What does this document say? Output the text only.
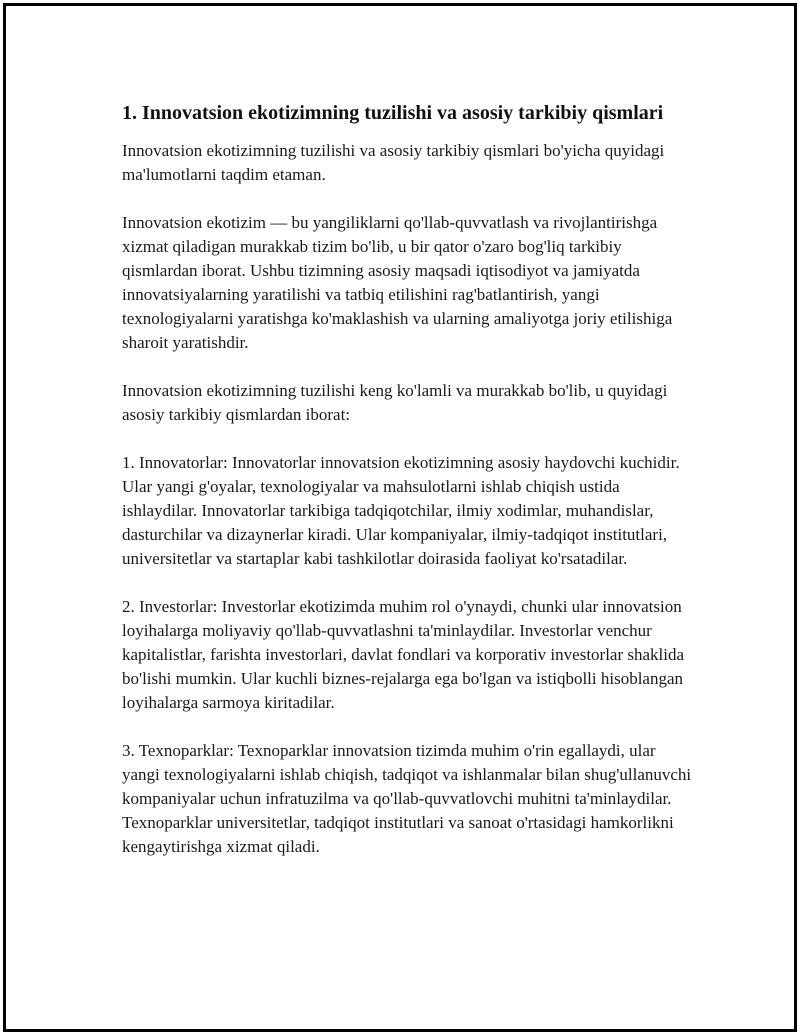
1. Innovatsion ekotizimning tuzilishi va asosiy tarkibiy qismlari

Innovatsion ekotizimning tuzilishi va asosiy tarkibiy qismlari bo'yicha quyidagi ma'lumotlarni taqdim etaman.

Innovatsion ekotizim — bu yangiliklarni qo'llab-quvvatlash va rivojlantirishga xizmat qiladigan murakkab tizim bo'lib, u bir qator o'zaro bog'liq tarkibiy qismlardan iborat. Ushbu tizimning asosiy maqsadi iqtisodiyot va jamiyatda innovatsiyalarning yaratilishi va tatbiq etilishini rag'batlantirish, yangi texnologiyalarni yaratishga ko'maklashish va ularning amaliyotga joriy etilishiga sharoit yaratishdir.

Innovatsion ekotizimning tuzilishi keng ko'lamli va murakkab bo'lib, u quyidagi asosiy tarkibiy qismlardan iborat:

1. Innovatorlar: Innovatorlar innovatsion ekotizimning asosiy haydovchi kuchidir. Ular yangi g'oyalar, texnologiyalar va mahsulotlarni ishlab chiqish ustida ishlaydilar. Innovatorlar tarkibiga tadqiqotchilar, ilmiy xodimlar, muhandislar, dasturchilar va dizaynerlar kiradi. Ular kompaniyalar, ilmiy-tadqiqot institutlari, universitetlar va startaplar kabi tashkilotlar doirasida faoliyat ko'rsatadilar.

2. Investorlar: Investorlar ekotizimda muhim rol o'ynaydi, chunki ular innovatsion loyihalarga moliyaviy qo'llab-quvvatlashni ta'minlaydilar. Investorlar venchur kapitalistlar, farishta investorlari, davlat fondlari va korporativ investorlar shaklida bo'lishi mumkin. Ular kuchli biznes-rejalarga ega bo'lgan va istiqbolli hisoblangan loyihalarga sarmoya kiritadilar.

3. Texnoparklar: Texnoparklar innovatsion tizimda muhim o'rin egallaydi, ular yangi texnologiyalarni ishlab chiqish, tadqiqot va ishlanmalar bilan shug'ullanuvchi kompaniyalar uchun infratuzilma va qo'llab-quvvatlovchi muhitni ta'minlaydilar. Texnoparklar universitetlar, tadqiqot institutlari va sanoat o'rtasidagi hamkorlikni kengaytirishga xizmat qiladi.
